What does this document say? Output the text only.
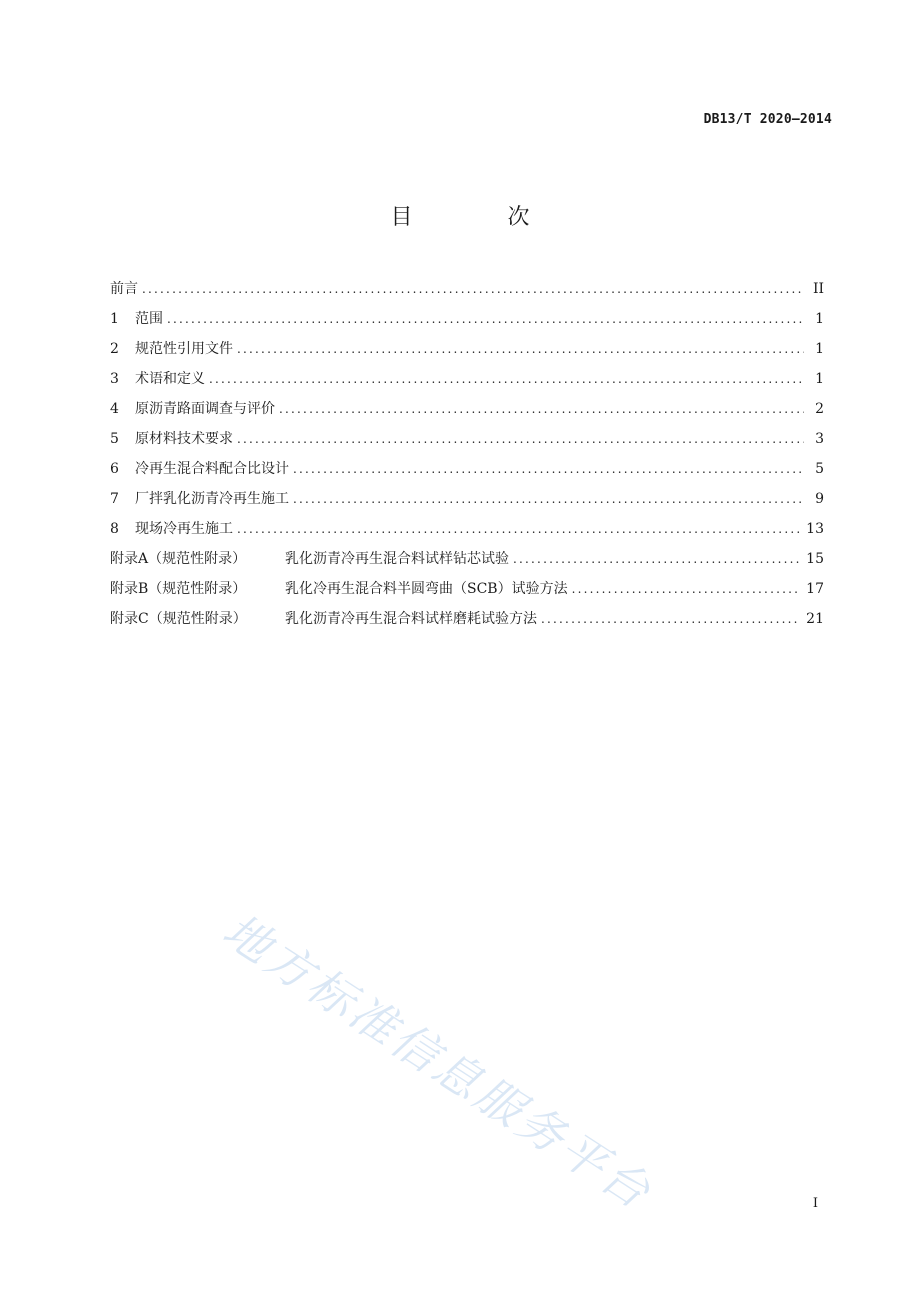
DB13/T 2020—2014
目 次
前言 .....	II
1	范围 .....	1
2	规范性引用文件 .....	1
3	术语和定义 .....	1
4	原沥青路面调查与评价 .....	2
5	原材料技术要求 .....	3
6	冷再生混合料配合比设计 .....	5
7	厂拌乳化沥青冷再生施工 .....	9
8	现场冷再生施工 .....	13
附录A（规范性附录）	乳化沥青冷再生混合料试样钻芯试验 .....	15
附录B（规范性附录）	乳化冷再生混合料半圆弯曲（SCB）试验方法 .....	17
附录C（规范性附录）	乳化沥青冷再生混合料试样磨耗试验方法 .....	21
地方标准信息服务平台	I
